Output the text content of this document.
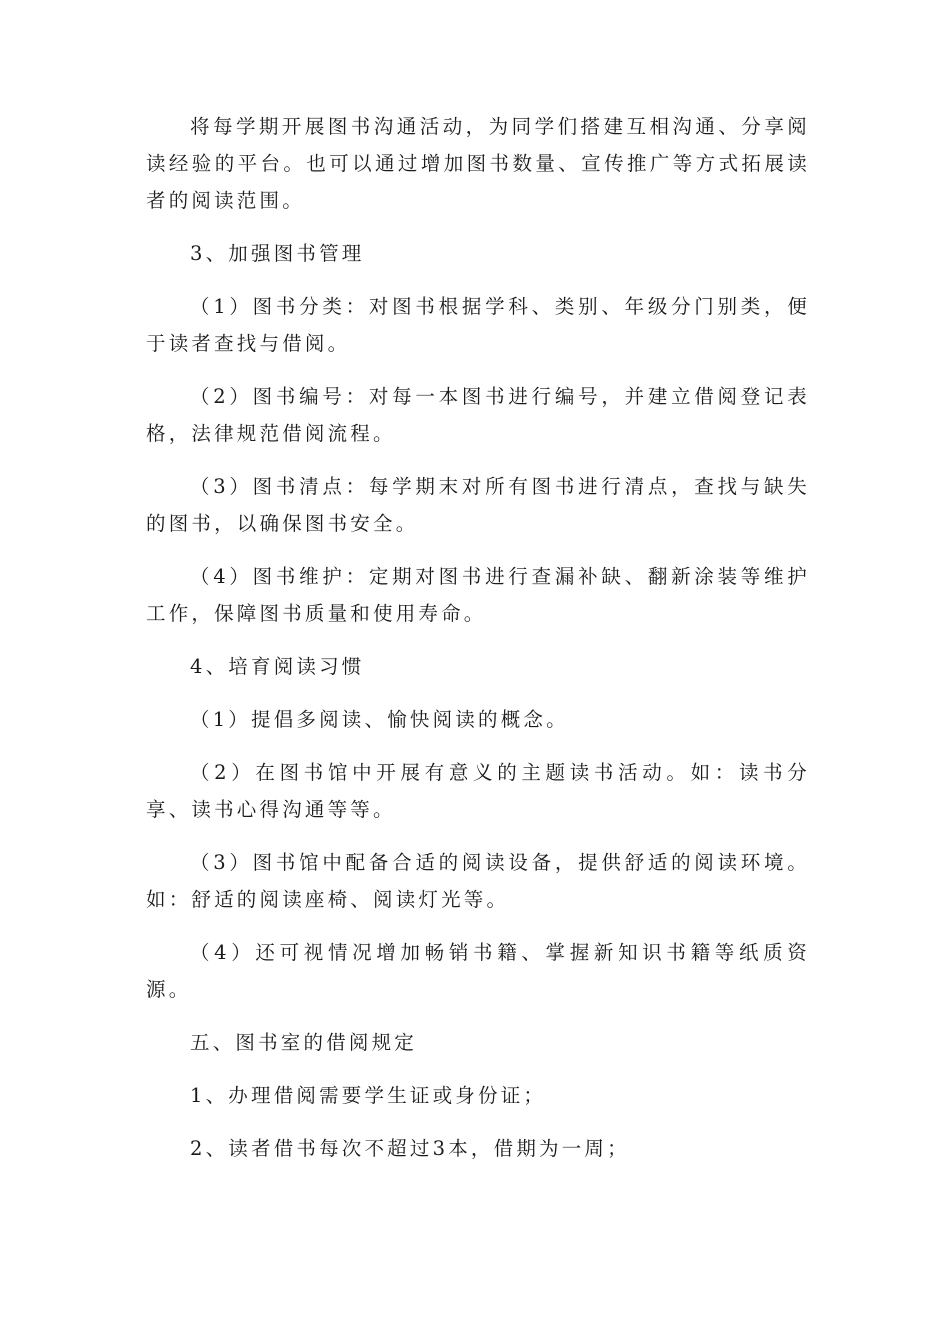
将每学期开展图书沟通活动，为同学们搭建互相沟通、分享阅读经验的平台。也可以通过增加图书数量、宣传推广等方式拓展读者的阅读范围。

3、加强图书管理

（1）图书分类：对图书根据学科、类别、年级分门别类，便于读者查找与借阅。

（2）图书编号：对每一本图书进行编号，并建立借阅登记表格，法律规范借阅流程。

（3）图书清点：每学期末对所有图书进行清点，查找与缺失的图书，以确保图书安全。

（4）图书维护：定期对图书进行查漏补缺、翻新涂装等维护工作，保障图书质量和使用寿命。

4、培育阅读习惯

（1）提倡多阅读、愉快阅读的概念。

（2）在图书馆中开展有意义的主题读书活动。如：读书分享、读书心得沟通等等。

（3）图书馆中配备合适的阅读设备，提供舒适的阅读环境。如：舒适的阅读座椅、阅读灯光等。

（4）还可视情况增加畅销书籍、掌握新知识书籍等纸质资源。

五、图书室的借阅规定

1、办理借阅需要学生证或身份证；

2、读者借书每次不超过3本，借期为一周；
